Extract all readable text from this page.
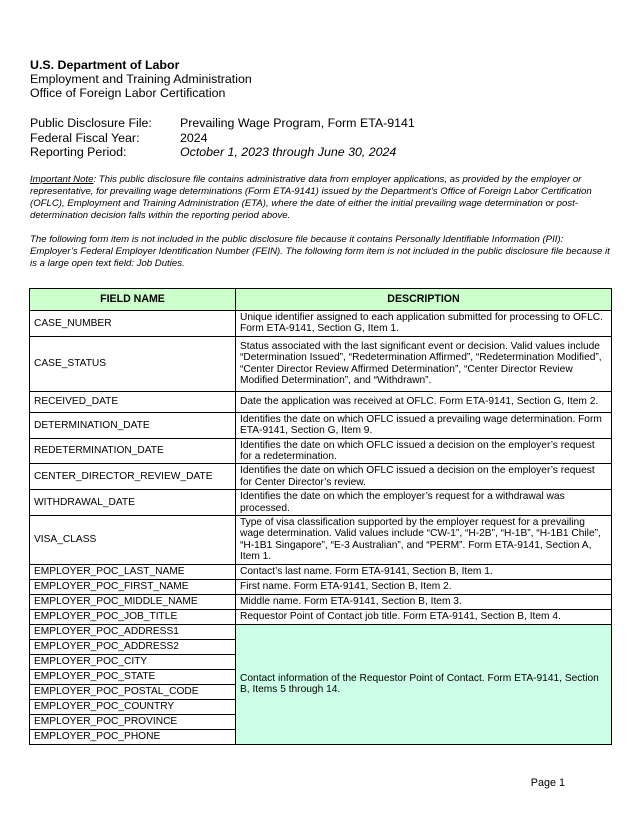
U.S. Department of Labor
Employment and Training Administration
Office of Foreign Labor Certification
Public Disclosure File:	Prevailing Wage Program, Form ETA-9141
Federal Fiscal Year:	2024
Reporting Period:	October 1, 2023 through June 30, 2024
Important Note: This public disclosure file contains administrative data from employer applications, as provided by the employer or representative, for prevailing wage determinations (Form ETA-9141) issued by the Department’s Office of Foreign Labor Certification (OFLC), Employment and Training Administration (ETA), where the date of either the initial prevailing wage determination or post-determination decision falls within the reporting period above.
The following form item is not included in the public disclosure file because it contains Personally Identifiable Information (PII): Employer’s Federal Employer Identification Number (FEIN). The following form item is not included in the public disclosure file because it is a large open text field: Job Duties.
FIELD NAME	DESCRIPTION
CASE_NUMBER	Unique identifier assigned to each application submitted for processing to OFLC. Form ETA-9141, Section G, Item 1.
CASE_STATUS	Status associated with the last significant event or decision. Valid values include “Determination Issued”, “Redetermination Affirmed”, “Redetermination Modified”, “Center Director Review Affirmed Determination”, “Center Director Review Modified Determination”, and “Withdrawn”.
RECEIVED_DATE	Date the application was received at OFLC. Form ETA-9141, Section G, Item 2.
DETERMINATION_DATE	Identifies the date on which OFLC issued a prevailing wage determination. Form ETA-9141, Section G, Item 9.
REDETERMINATION_DATE	Identifies the date on which OFLC issued a decision on the employer’s request for a redetermination.
CENTER_DIRECTOR_REVIEW_DATE	Identifies the date on which OFLC issued a decision on the employer’s request for Center Director’s review.
WITHDRAWAL_DATE	Identifies the date on which the employer’s request for a withdrawal was processed.
VISA_CLASS	Type of visa classification supported by the employer request for a prevailing wage determination. Valid values include “CW-1”, “H-2B”, “H-1B”, “H-1B1 Chile”, “H-1B1 Singapore”, “E-3 Australian”, and “PERM”. Form ETA-9141, Section A, Item 1.
EMPLOYER_POC_LAST_NAME	Contact’s last name. Form ETA-9141, Section B, Item 1.
EMPLOYER_POC_FIRST_NAME	First name. Form ETA-9141, Section B, Item 2.
EMPLOYER_POC_MIDDLE_NAME	Middle name. Form ETA-9141, Section B, Item 3.
EMPLOYER_POC_JOB_TITLE	Requestor Point of Contact job title. Form ETA-9141, Section B, Item 4.
EMPLOYER_POC_ADDRESS1	Contact information of the Requestor Point of Contact. Form ETA-9141, Section B, Items 5 through 14.
EMPLOYER_POC_ADDRESS2	
EMPLOYER_POC_CITY	
EMPLOYER_POC_STATE	
EMPLOYER_POC_POSTAL_CODE	
EMPLOYER_POC_COUNTRY	
EMPLOYER_POC_PROVINCE	
EMPLOYER_POC_PHONE	
Page 1
